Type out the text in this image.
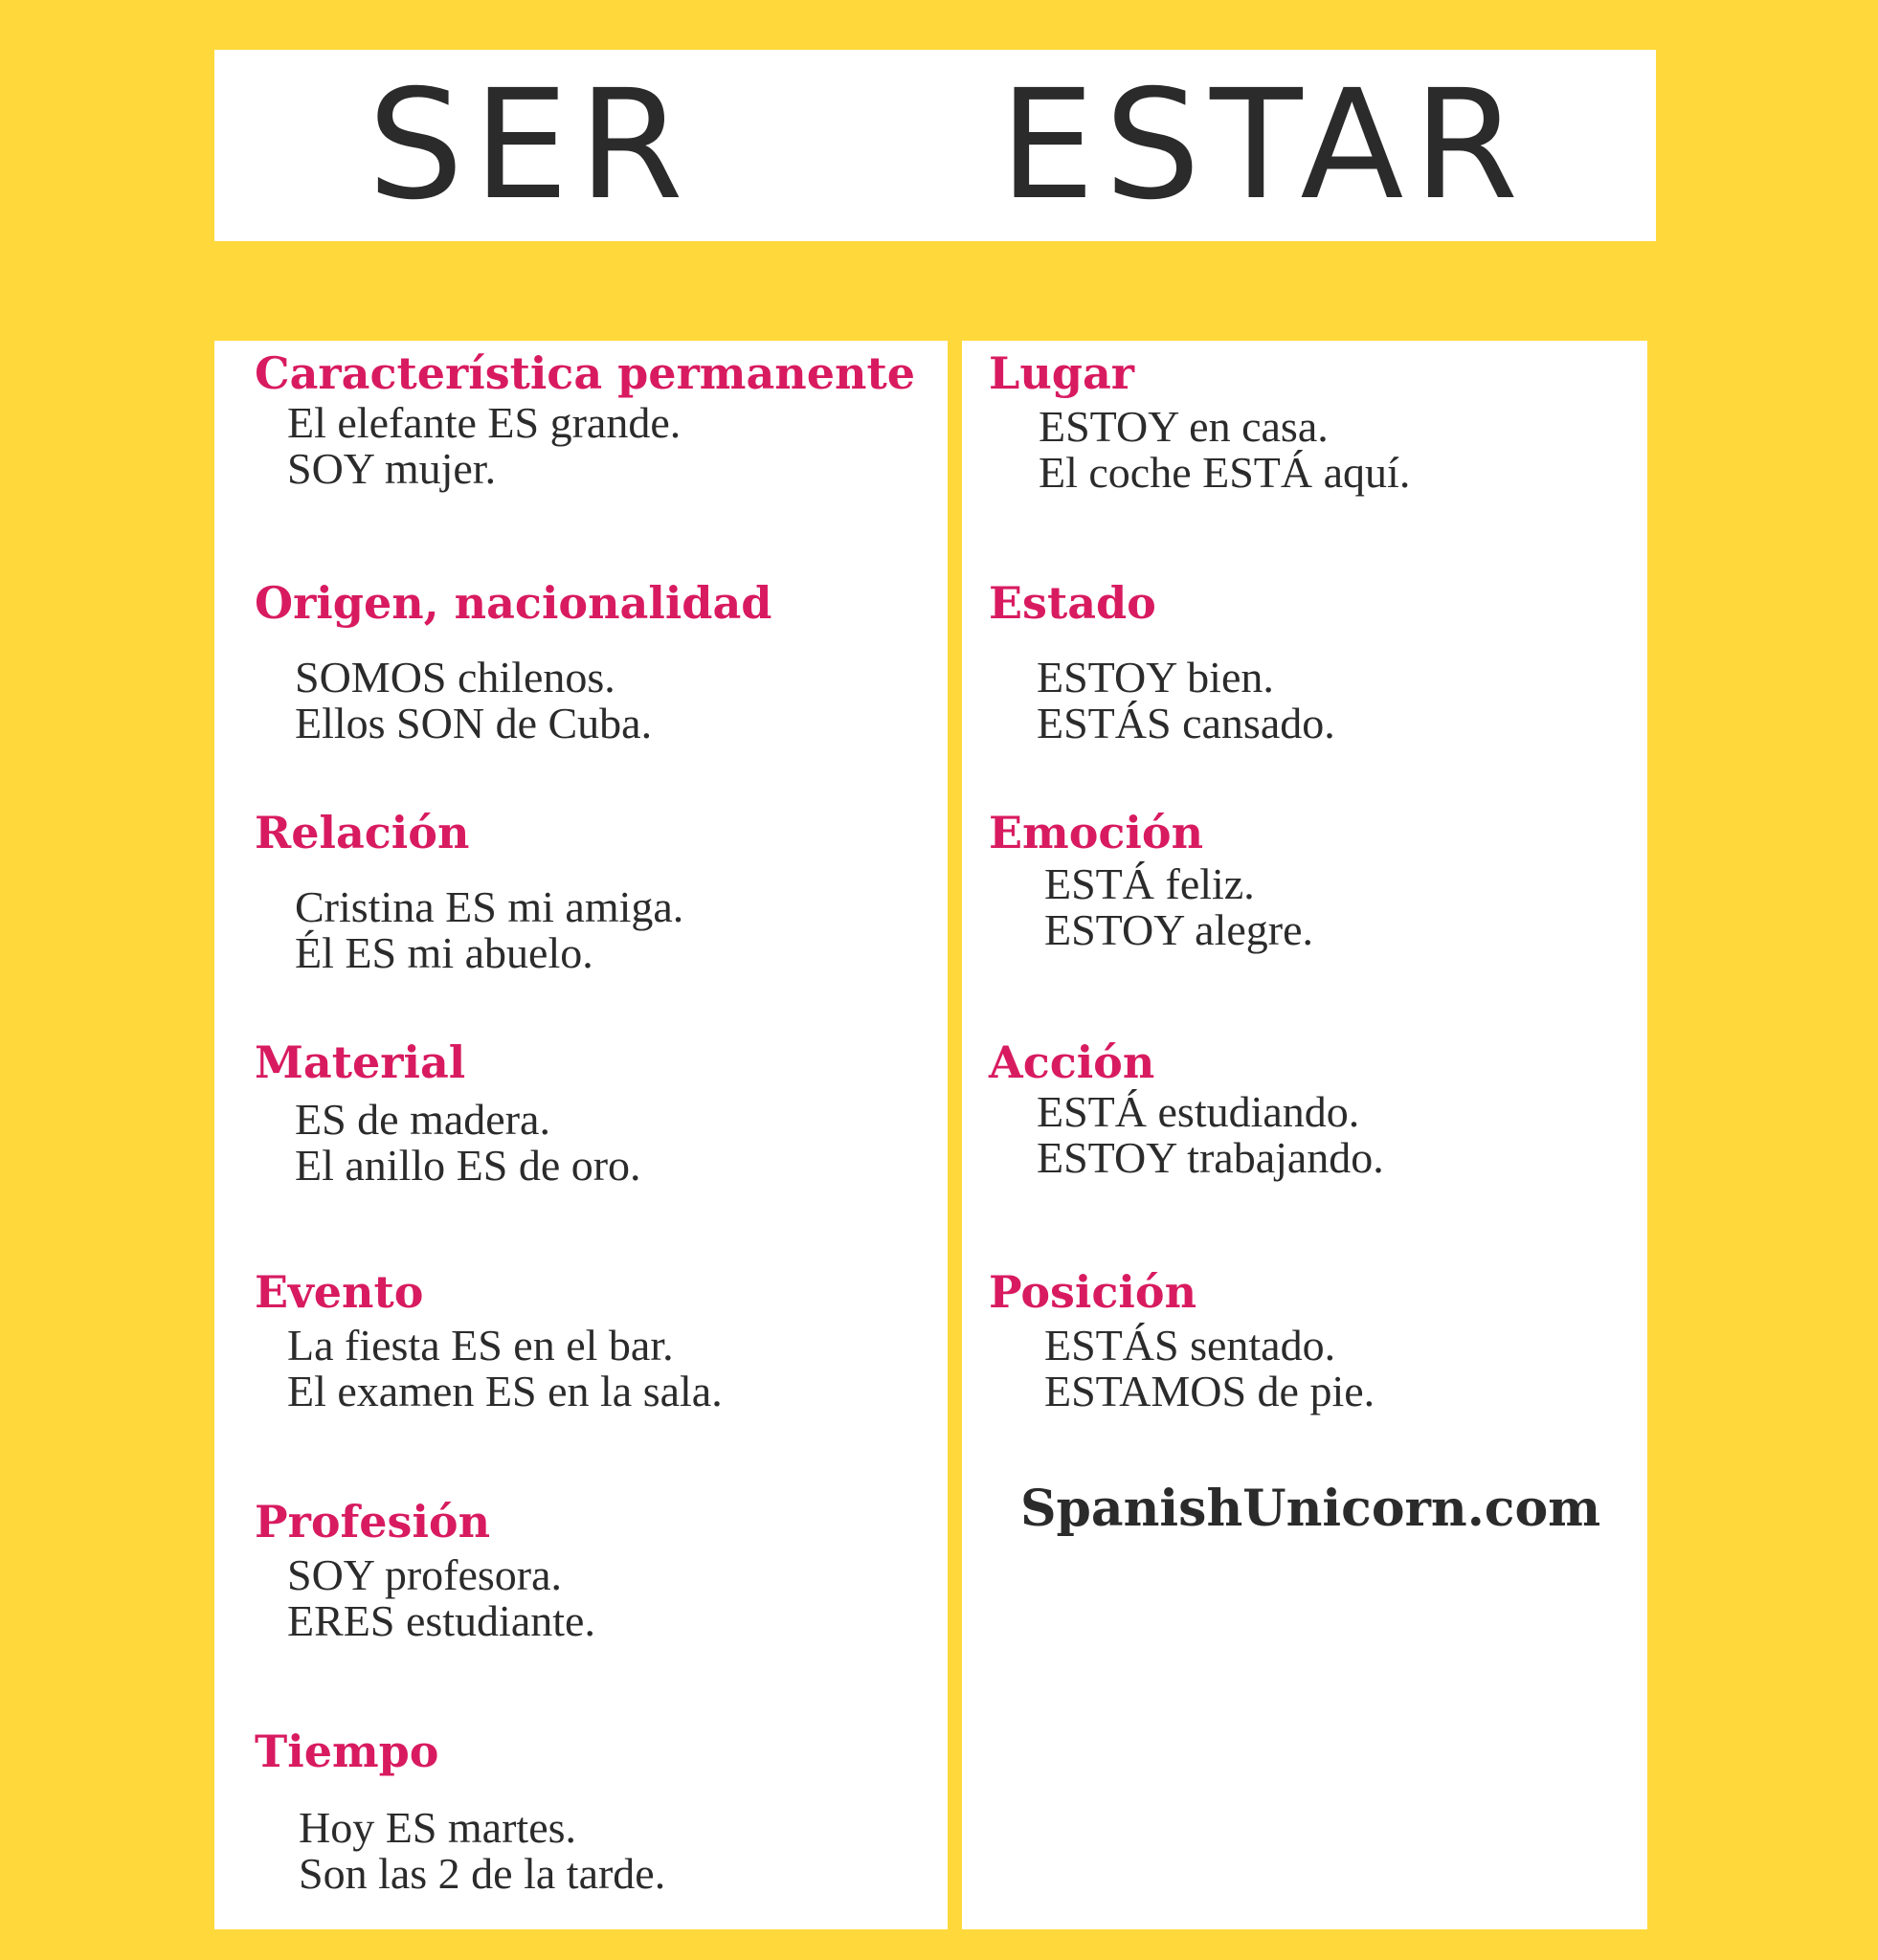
SER ESTAR
Característica permanente
El elefante ES grande.
SOY mujer.
Origen, nacionalidad
SOMOS chilenos.
Ellos SON de Cuba.
Relación
Cristina ES mi amiga.
Él ES mi abuelo.
Material
ES de madera.
El anillo ES de oro.
Evento
La fiesta ES en el bar.
El examen ES en la sala.
Profesión
SOY profesora.
ERES estudiante.
Tiempo
Hoy ES martes.
Son las 2 de la tarde.
Lugar
ESTOY en casa.
El coche ESTÁ aquí.
Estado
ESTOY bien.
ESTÁS cansado.
Emoción
ESTÁ feliz.
ESTOY alegre.
Acción
ESTÁ estudiando.
ESTOY trabajando.
Posición
ESTÁS sentado.
ESTAMOS de pie.
SpanishUnicorn.com
